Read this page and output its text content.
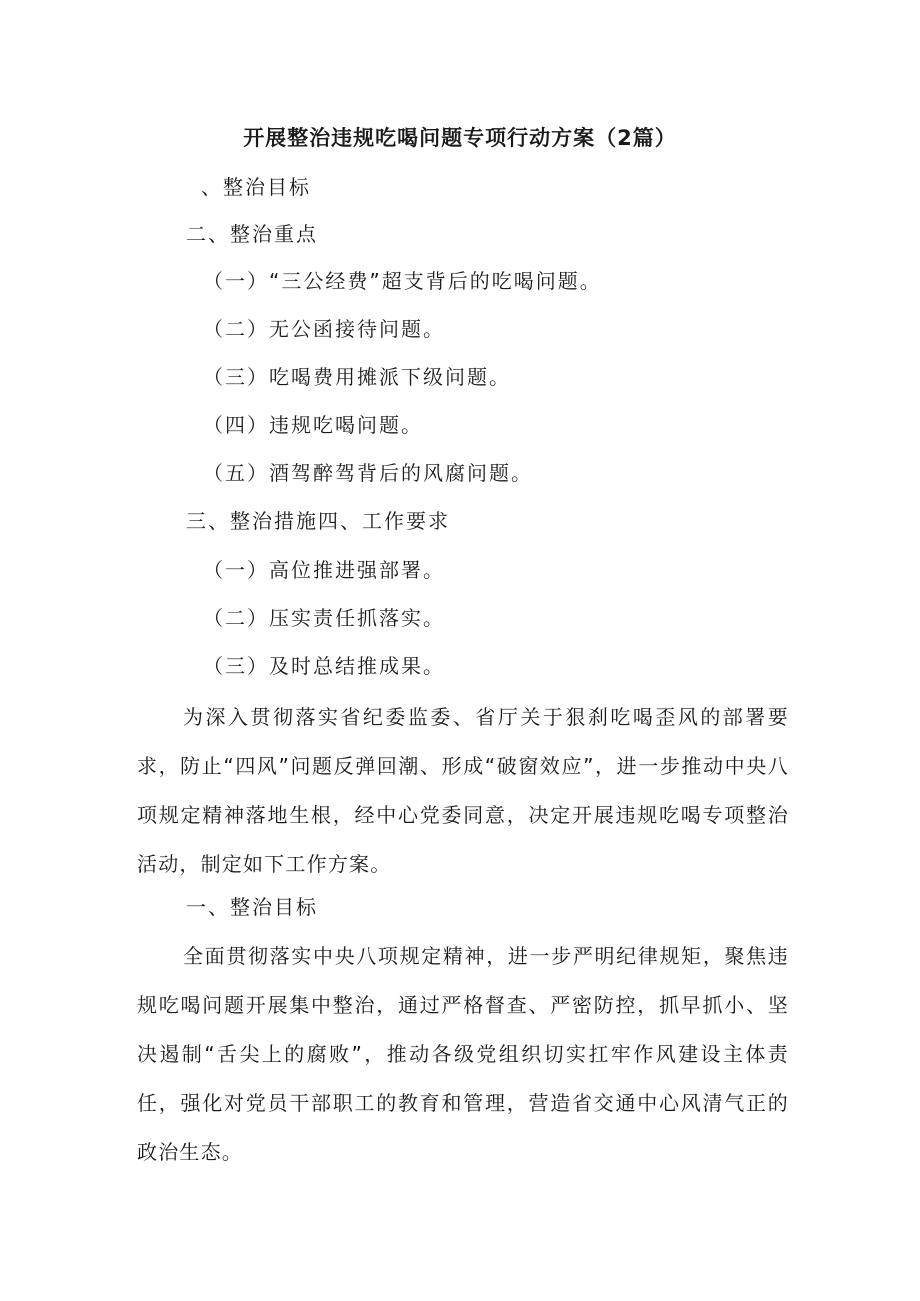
开展整治违规吃喝问题专项行动方案（2篇）
、整治目标
二、整治重点
（一）“三公经费”超支背后的吃喝问题。
（二）无公函接待问题。
（三）吃喝费用摊派下级问题。
（四）违规吃喝问题。
（五）酒驾醉驾背后的风腐问题。
三、整治措施四、工作要求
（一）高位推进强部署。
（二）压实责任抓落实。
（三）及时总结推成果。

为深入贯彻落实省纪委监委、省厅关于狠刹吃喝歪风的部署要求，防止“四风”问题反弹回潮、形成“破窗效应”，进一步推动中央八项规定精神落地生根，经中心党委同意，决定开展违规吃喝专项整治活动，制定如下工作方案。

一、整治目标

全面贯彻落实中央八项规定精神，进一步严明纪律规矩，聚焦违规吃喝问题开展集中整治，通过严格督查、严密防控，抓早抓小、坚决遏制“舌尖上的腐败”，推动各级党组织切实扛牢作风建设主体责任，强化对党员干部职工的教育和管理，营造省交通中心风清气正的政治生态。
